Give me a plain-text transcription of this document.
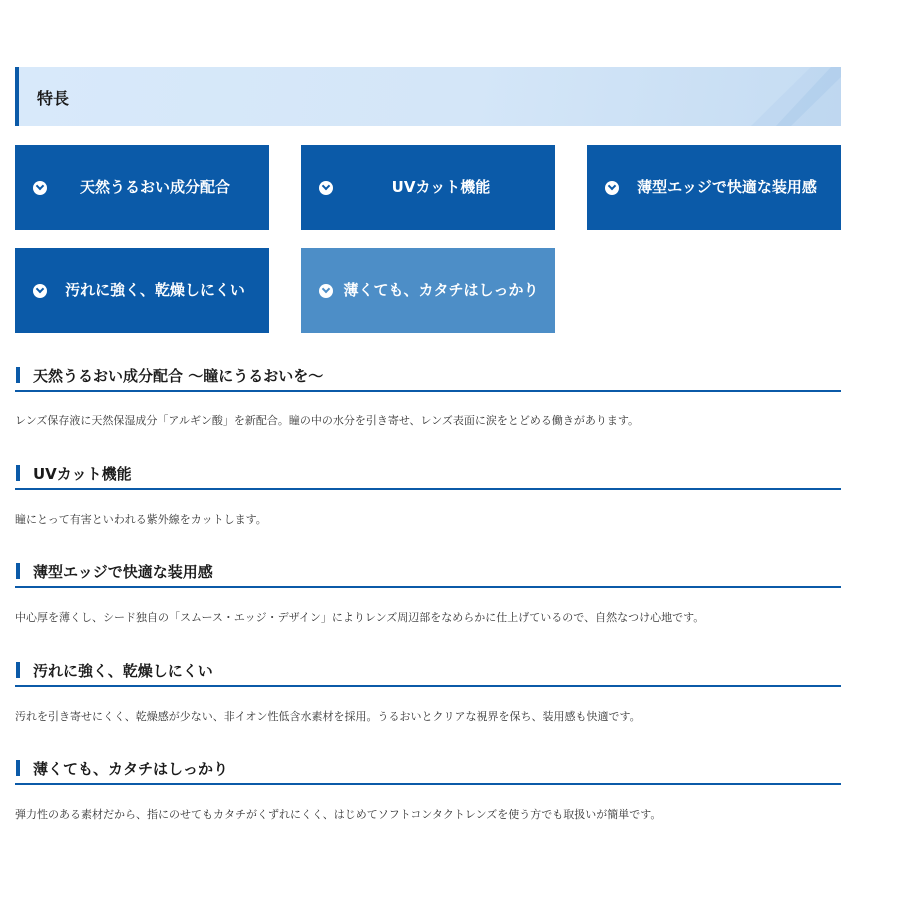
特長
天然うるおい成分配合	UVカット機能	薄型エッジで快適な装用感
汚れに強く、乾燥しにくい	薄くても、カタチはしっかり
天然うるおい成分配合 ～瞳にうるおいを～
レンズ保存液に天然保湿成分「アルギン酸」を新配合。瞳の中の水分を引き寄せ、レンズ表面に涙をとどめる働きがあります。
UVカット機能
瞳にとって有害といわれる紫外線をカットします。
薄型エッジで快適な装用感
中心厚を薄くし、シード独自の「スムース・エッジ・デザイン」によりレンズ周辺部をなめらかに仕上げているので、自然なつけ心地です。
汚れに強く、乾燥しにくい
汚れを引き寄せにくく、乾燥感が少ない、非イオン性低含水素材を採用。うるおいとクリアな視界を保ち、装用感も快適です。
薄くても、カタチはしっかり
弾力性のある素材だから、指にのせてもカタチがくずれにくく、はじめてソフトコンタクトレンズを使う方でも取扱いが簡単です。
